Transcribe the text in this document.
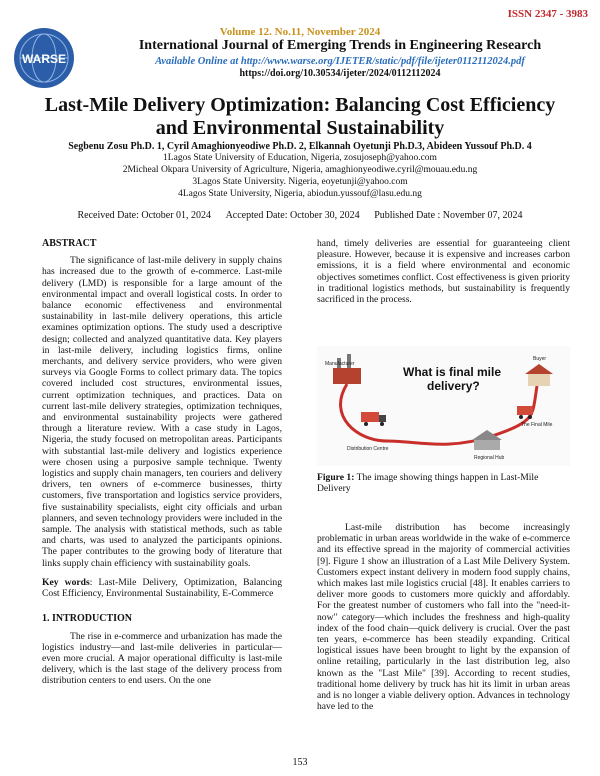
ISSN 2347 - 3983
WARSE
Volume 12. No.11, November 2024
International Journal of Emerging Trends in Engineering Research
Available Online at http://www.warse.org/IJETER/static/pdf/file/ijeter0112112024.pdf
https://doi.org/10.30534/ijeter/2024/0112112024
Last-Mile Delivery Optimization: Balancing Cost Efficiency
and Environmental Sustainability
Segbenu Zosu Ph.D. 1, Cyril Amaghionyeodiwe Ph.D. 2, Elkannah Oyetunji Ph.D.3, Abideen Yussouf Ph.D. 4
1Lagos State University of Education, Nigeria, zosujoseph@yahoo.com
2Micheal Okpara University of Agriculture, Nigeria, amaghionyeodiwe.cyril@mouau.edu.ng
3Lagos State University. Nigeria, eoyetunji@yahoo.com
4Lagos State University, Nigeria, abiodun.yussouf@lasu.edu.ng
Received Date: October 01, 2024 Accepted Date: October 30, 2024 Published Date : November 07, 2024
ABSTRACT

The significance of last-mile delivery in supply chains has increased due to the growth of e-commerce. Last-mile delivery (LMD) is responsible for a large amount of the environmental impact and overall logistical costs. In order to balance economic effectiveness and environmental sustainability in last-mile delivery operations, this article examines optimization options. The study used a descriptive design; collected and analyzed quantitative data. Key players in last-mile delivery, including logistics firms, online merchants, and delivery service providers, who were given surveys via Google Forms to collect primary data. The topics covered included cost structures, environmental issues, current optimization techniques, and practices. Data on current last-mile delivery strategies, optimization techniques, and environmental sustainability projects were gathered through a literature review. With a case study in Lagos, Nigeria, the study focused on metropolitan areas. Participants with substantial last-mile delivery and logistics experience were chosen using a purposive sample technique. Twenty logistics and supply chain managers, ten couriers and delivery drivers, ten owners of e-commerce businesses, thirty customers, five transportation and logistics service providers, five sustainability specialists, eight city officials and urban planners, and seven technology providers were included in the sample. The analysis with statistical methods, such as table and charts, was used to analyzed the participants opinions. The paper contributes to the growing body of literature that links supply chain efficiency with sustainability goals.

Key words: Last-Mile Delivery, Optimization, Balancing Cost Efficiency, Environmental Sustainability, E-Commerce
1. INTRODUCTION

The rise in e-commerce and urbanization has made the logistics industry—and last-mile deliveries in particular—even more crucial. A major operational difficulty is last-mile delivery, which is the last stage of the delivery process from distribution centers to end users. On the one

hand, timely deliveries are essential for guaranteeing client pleasure. However, because it is expensive and increases carbon emissions, it is a field where environmental and economic objectives sometimes conflict. Cost effectiveness is given priority in traditional logistics methods, but sustainability is frequently sacrificed in the process.
Manufacturer
Distribution Centre
What is final mile
delivery?
Regional Hub
The Final Mile
Buyer
Figure 1: The image showing things happen in Last-Mile Delivery

Last-mile distribution has become increasingly problematic in urban areas worldwide in the wake of e-commerce and its effective spread in the majority of commercial activities [9]. Figure 1 show an illustration of a Last Mile Delivery System. Customers expect instant delivery in modern food supply chains, which makes last mile logistics crucial [48]. It enables carriers to deliver more goods to customers more quickly and affordably. For the greatest number of customers who fall into the "need-it-now" category—which includes the freshness and high-quality index of the food chain—quick delivery is crucial. Over the past ten years, e-commerce has been steadily expanding. Critical logistical issues have been brought to light by the expansion of online retailing, particularly in the last distribution leg, also known as the "Last Mile" [39]. According to recent studies, traditional home delivery by truck has hit its limit in urban areas and is no longer a viable delivery option. Advances in technology have led to the

153
